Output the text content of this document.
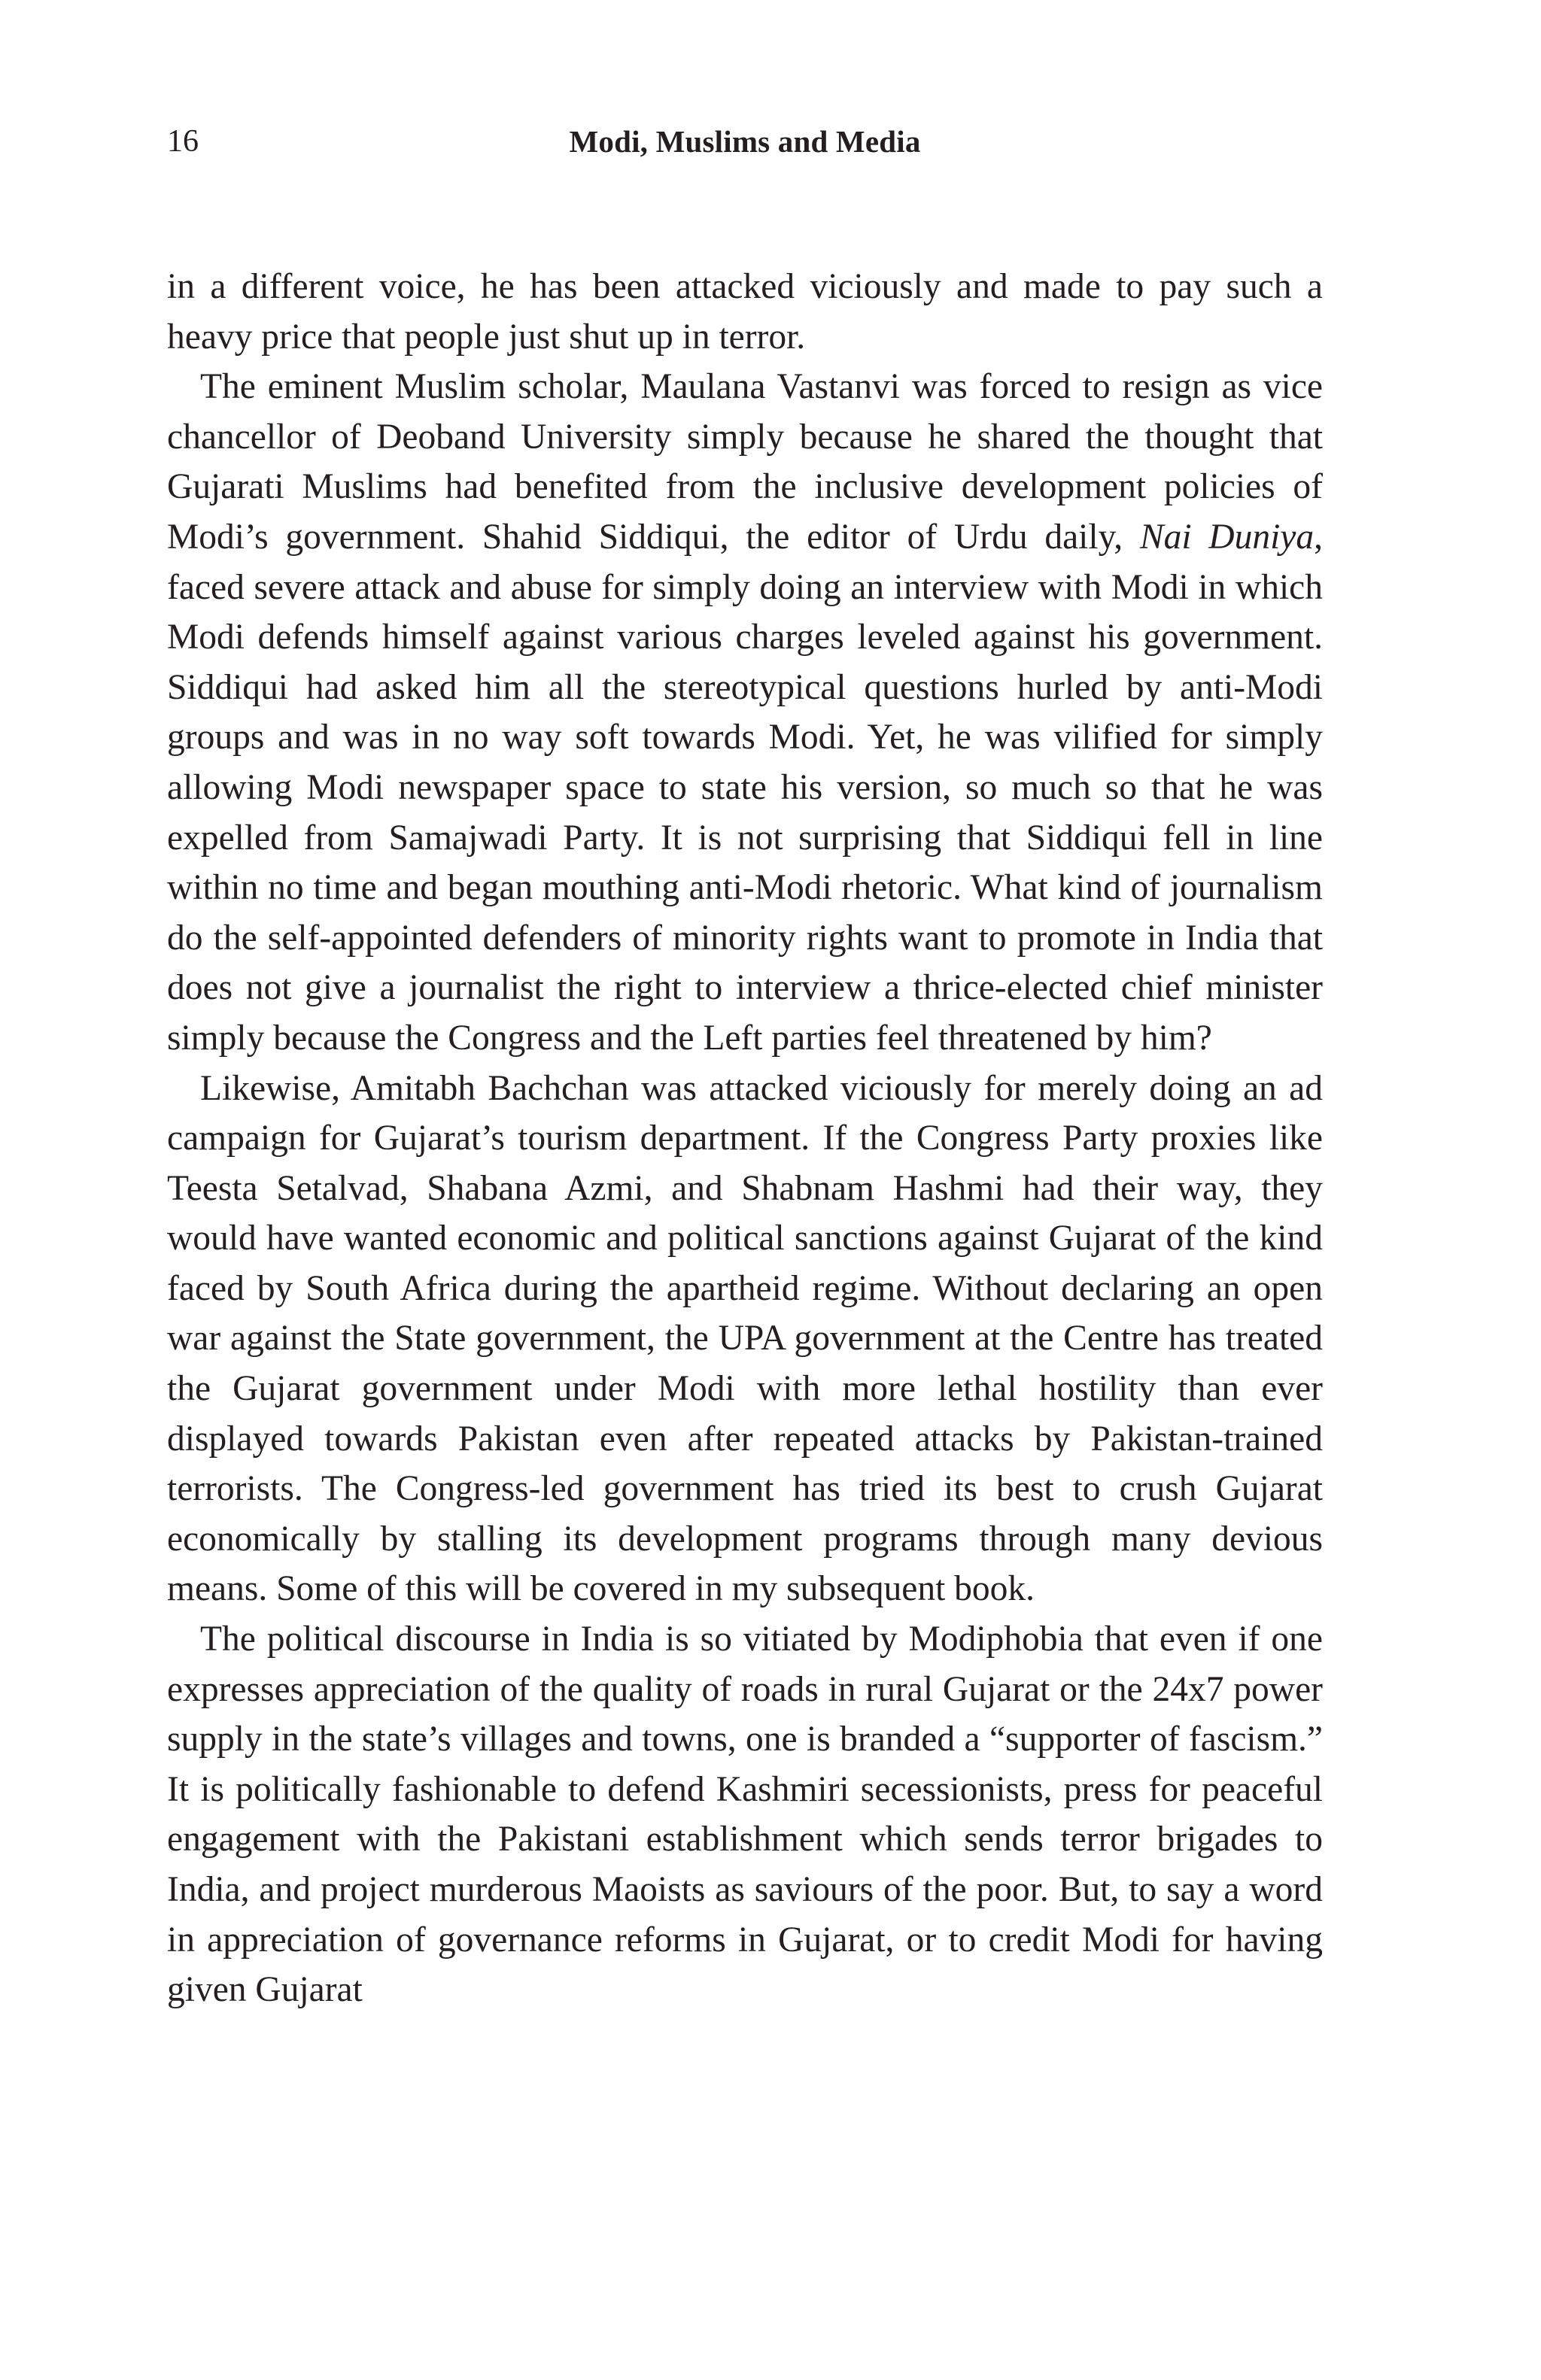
16	Modi, Muslims and Media

in a different voice, he has been attacked viciously and made to pay such a heavy price that people just shut up in terror.

The eminent Muslim scholar, Maulana Vastanvi was forced to resign as vice chancellor of Deoband University simply because he shared the thought that Gujarati Muslims had benefited from the inclusive development policies of Modi’s government. Shahid Siddiqui, the editor of Urdu daily, Nai Duniya, faced severe attack and abuse for simply doing an interview with Modi in which Modi defends himself against various charges leveled against his government. Siddiqui had asked him all the stereotypical questions hurled by anti-Modi groups and was in no way soft towards Modi. Yet, he was vilified for simply allowing Modi newspaper space to state his version, so much so that he was expelled from Samajwadi Party. It is not surprising that Siddiqui fell in line within no time and began mouthing anti-Modi rhetoric. What kind of journalism do the self-appointed defenders of minority rights want to promote in India that does not give a journalist the right to interview a thrice-elected chief minister simply because the Congress and the Left parties feel threatened by him?

Likewise, Amitabh Bachchan was attacked viciously for merely doing an ad campaign for Gujarat’s tourism department. If the Congress Party proxies like Teesta Setalvad, Shabana Azmi, and Shabnam Hashmi had their way, they would have wanted economic and political sanctions against Gujarat of the kind faced by South Africa during the apartheid regime. Without declaring an open war against the State government, the UPA government at the Centre has treated the Gujarat government under Modi with more lethal hostility than ever displayed towards Pakistan even after repeated attacks by Pakistan-trained terrorists. The Congress-led government has tried its best to crush Gujarat economically by stalling its development programs through many devious means. Some of this will be covered in my subsequent book.

The political discourse in India is so vitiated by Modiphobia that even if one expresses appreciation of the quality of roads in rural Gujarat or the 24x7 power supply in the state’s villages and towns, one is branded a “supporter of fascism.” It is politically fashionable to defend Kashmiri secessionists, press for peaceful engagement with the Pakistani establishment which sends terror brigades to India, and project murderous Maoists as saviours of the poor. But, to say a word in appreciation of governance reforms in Gujarat, or to credit Modi for having given Gujarat
